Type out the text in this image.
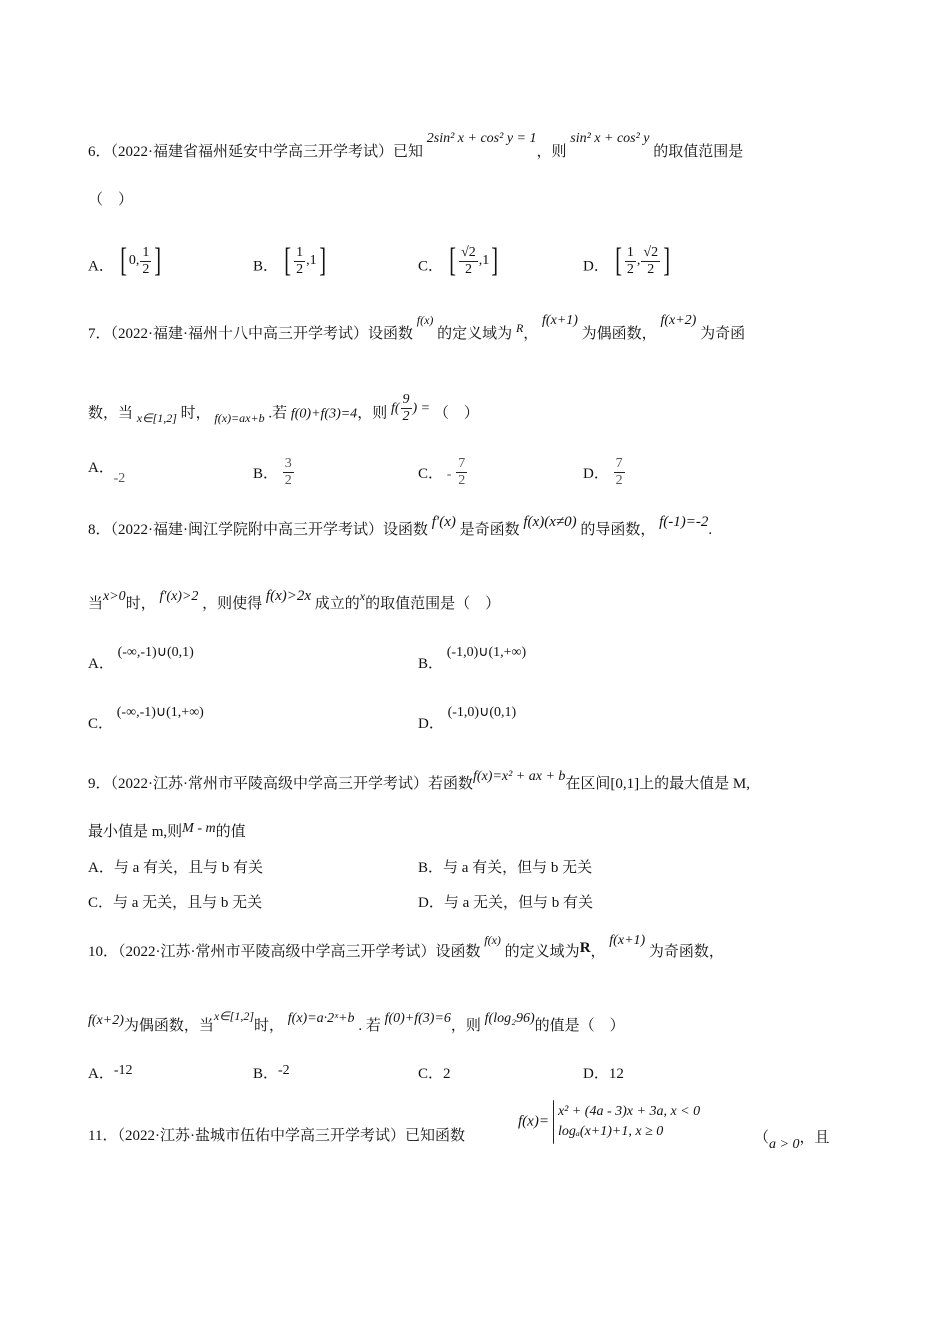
6．（2022·福建省福州延安中学高三开学考试）已知 2sin² x + cos² y = 1，则 sin² x + cos² y 的取值范围是
（　）
A． [ 0, $\frac{1}{2}$ ]	B． [ $\frac{1}{2} ,1$]	C． [ $\frac{√2}{2} ,1$]	D． [ $\frac{1}{2}$ , $\frac{√2}{2}$ ]
7．（2022·福建·福州十八中高三开学考试）设函数 $^{f(x)}$ 的定义域为 $^R$， f(x+1) 为偶函数， f(x+2) 为奇函
数，当 $_{x\in[1,2]}$ 时， $_{f(x)=ax+b}$ .若 f(0)+f(3)=4，则 $f( \frac{9}{2}$ ) = （　）
A． -2	B． $\frac{3}{2}$	C． - $\frac{7}{2}$	D． $\frac{7}{2}$
8．（2022·福建·闽江学院附中高三开学考试）设函数 f′(x) 是奇函数 f(x)(x≠0) 的导函数， f(-1)=-2.
当x>0时， f′(x)>2 ，则使得 f(x)>2x 成立的$^x$的取值范围是（　）
A． (-∞,-1)∪(0,1)
B． (-1,0)∪(1,+∞)
C． (-∞,-1)∪(1,+∞)
D． (-1,0)∪(0,1)
9．（2022·江苏·常州市平陵高级中学高三开学考试）若函数f(x)=x² + ax + b在区间[0,1]上的最大值是 M,
最小值是 m,则M - m的值
A．与 a 有关，且与 b 有关	B．与 a 有关，但与 b 无关
C．与 a 无关，且与 b 无关	D．与 a 无关，但与 b 有关
10．（2022·江苏·常州市平陵高级中学高三开学考试）设函数 $^{f(x)}$ 的定义域为R， f(x+1) 为奇函数，
f(x+2)为偶函数，当$^{x\in[1,2]}$时， f(x)=a·2ˣ+b . 若 f(0)+f(3)=6，则 f(log₂96)的值是（　）
A．-12	B．-2	C．2	D．12
11．（2022·江苏·盐城市伍佑中学高三开学考试）已知函数
f(x)=
x² + (4a - 3)x + 3a, x < 0
logₐ(x+1)+1, x ≥ 0	（a > 0，且
